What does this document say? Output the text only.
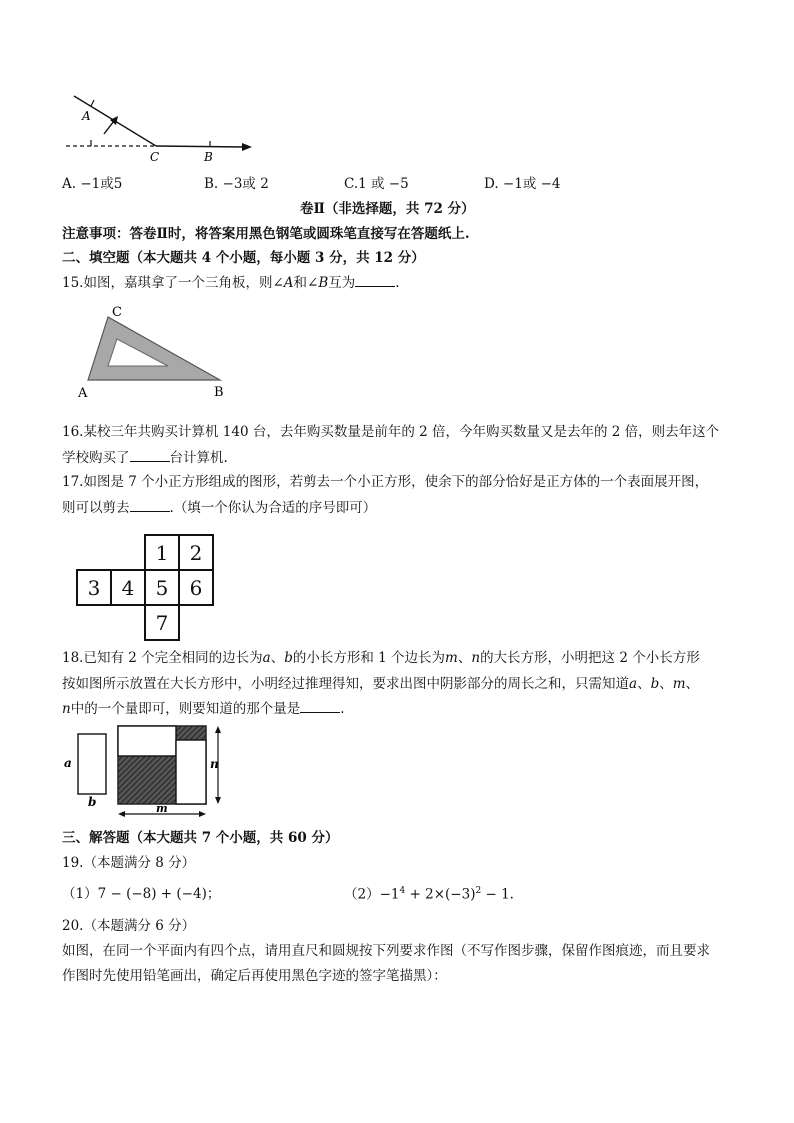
A
C	B
A. −1或5	B. −3或 2	C.1 或 −5	D. −1或 −4
卷Ⅱ（非选择题，共 72 分）
注意事项：答卷Ⅱ时，将答案用黑色钢笔或圆珠笔直接写在答题纸上.
二、填空题（本大题共 4 个小题，每小题 3 分，共 12 分）
15.如图，嘉琪拿了一个三角板，则∠A和∠B互为	.
C
A	B
16.某校三年共购买计算机 140 台，去年购买数量是前年的 2 倍，今年购买数量又是去年的 2 倍，则去年这个
学校购买了	台计算机.
17.如图是 7 个小正方形组成的图形，若剪去一个小正方形，使余下的部分恰好是正方体的一个表面展开图，
则可以剪去	.（填一个你认为合适的序号即可）
		1	2
3	4	5	6
		7	
18.已知有 2 个完全相同的边长为a、b的小长方形和 1 个边长为m、n的大长方形，小明把这 2 个小长方形
按如图所示放置在大长方形中，小明经过推理得知，要求出图中阴影部分的周长之和，只需知道a、b、m、
n中的一个量即可，则要知道的那个量是	.
a
b
n
m
三、解答题（本大题共 7 个小题，共 60 分）
19.（本题满分 8 分）
（1）7 − (−8) + (−4)；	$(2)-1^4 + 2\times(-3)^2 - 1$.
20.（本题满分 6 分）
如图，在同一个平面内有四个点，请用直尺和圆规按下列要求作图（不写作图步骤，保留作图痕迹，而且要求
作图时先使用铅笔画出，确定后再使用黑色字迹的签字笔描黑）：
